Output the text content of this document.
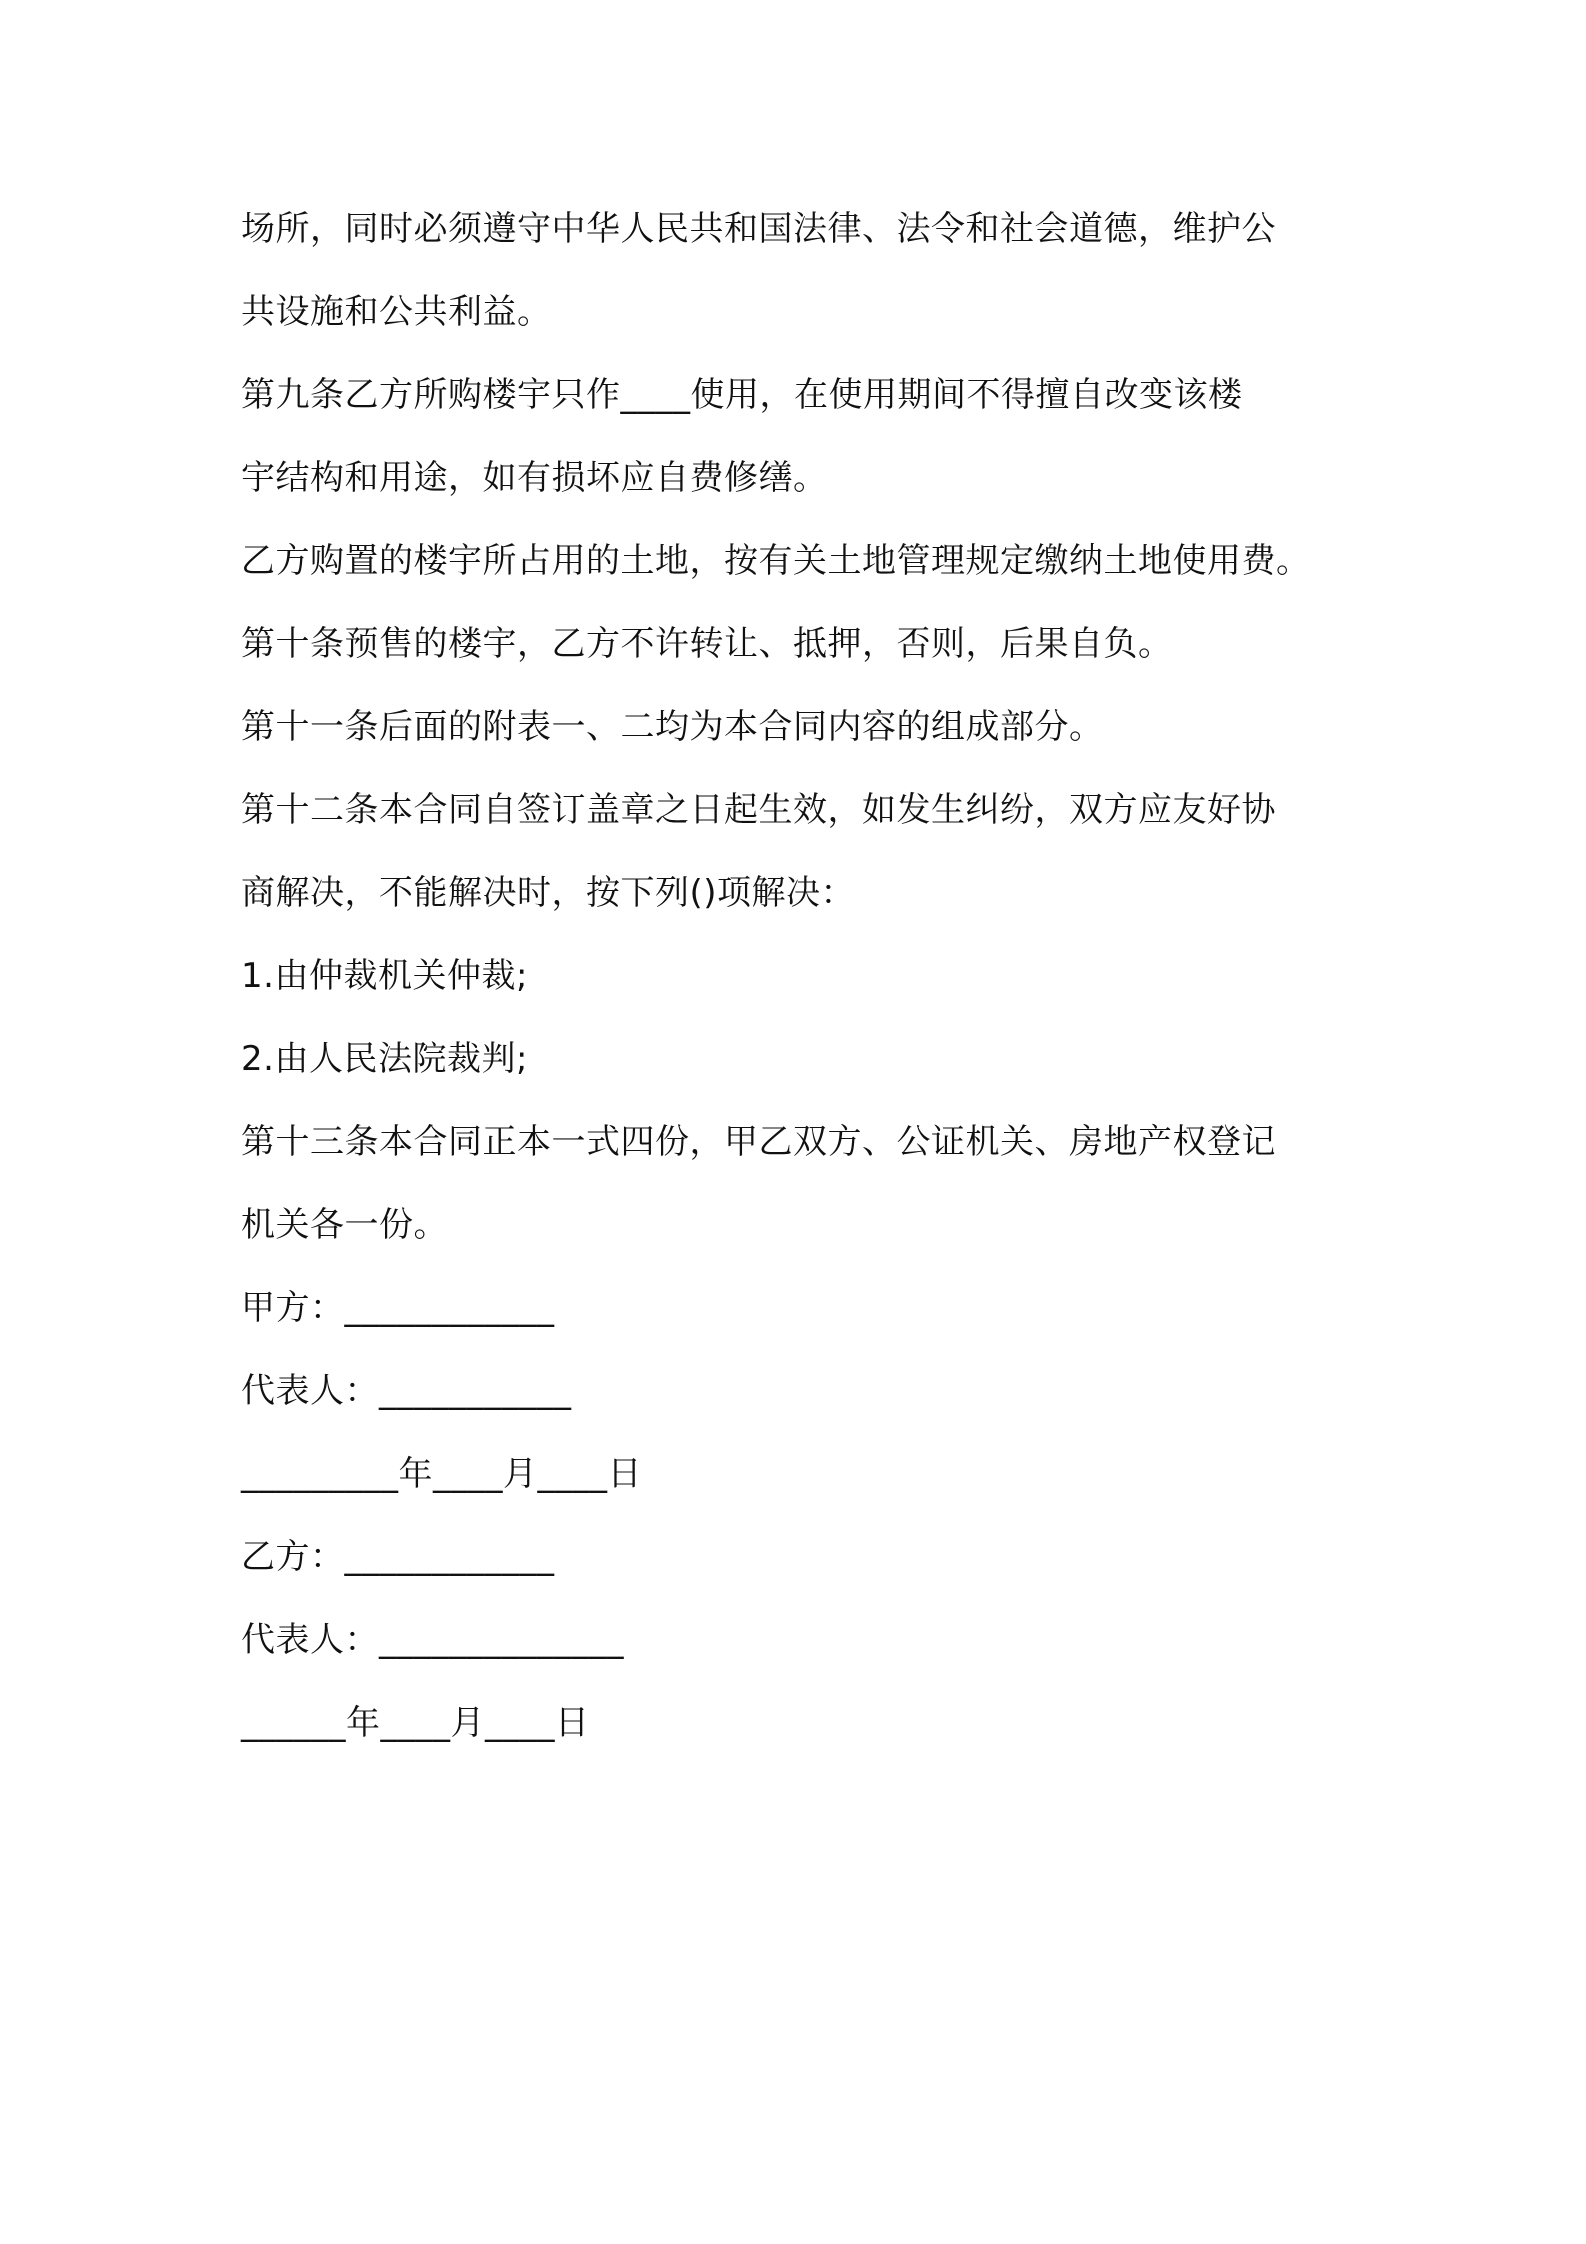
场所，同时必须遵守中华人民共和国法律、法令和社会道德，维护公

共设施和公共利益。

第九条乙方所购楼宇只作____使用，在使用期间不得擅自改变该楼

宇结构和用途，如有损坏应自费修缮。

乙方购置的楼宇所占用的土地，按有关土地管理规定缴纳土地使用费。

第十条预售的楼宇，乙方不许转让、抵押，否则，后果自负。

第十一条后面的附表一、二均为本合同内容的组成部分。

第十二条本合同自签订盖章之日起生效，如发生纠纷，双方应友好协

商解决，不能解决时，按下列()项解决：

1.由仲裁机关仲裁;

2.由人民法院裁判;

第十三条本合同正本一式四份，甲乙双方、公证机关、房地产权登记

机关各一份。

甲方：____________

代表人：___________

_________年____月____日

乙方：____________

代表人：______________

______年____月____日
